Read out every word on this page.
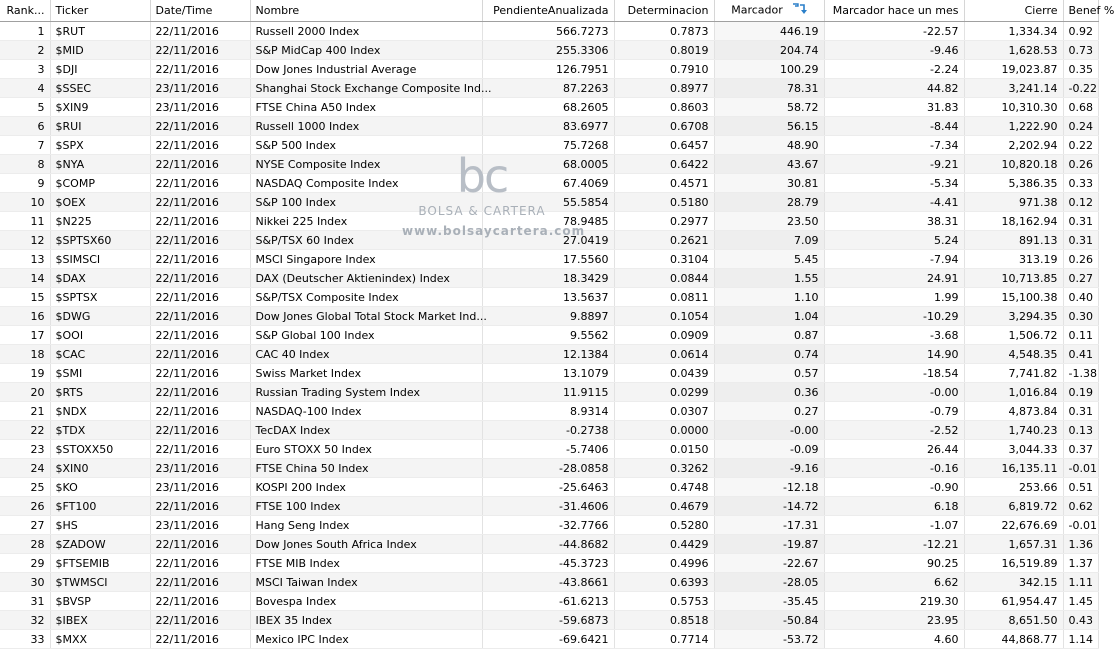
Rank...	Ticker	Date/Time	Nombre	PendienteAnualizada	Determinacion	Marcador	Marcador hace un mes	Cierre	Benef %
1	$RUT	22/11/2016	Russell 2000 Index	566.7273	0.7873	446.19	-22.57	1,334.34	0.92
2	$MID	22/11/2016	S&P MidCap 400 Index	255.3306	0.8019	204.74	-9.46	1,628.53	0.73
3	$DJI	22/11/2016	Dow Jones Industrial Average	126.7951	0.7910	100.29	-2.24	19,023.87	0.35
4	$SSEC	23/11/2016	Shanghai Stock Exchange Composite Ind...	87.2263	0.8977	78.31	44.82	3,241.14	-0.22
5	$XIN9	23/11/2016	FTSE China A50 Index	68.2605	0.8603	58.72	31.83	10,310.30	0.68
6	$RUI	22/11/2016	Russell 1000 Index	83.6977	0.6708	56.15	-8.44	1,222.90	0.24
7	$SPX	22/11/2016	S&P 500 Index	75.7268	0.6457	48.90	-7.34	2,202.94	0.22
8	$NYA	22/11/2016	NYSE Composite Index	68.0005	0.6422	43.67	-9.21	10,820.18	0.26
9	$COMP	22/11/2016	NASDAQ Composite Index	67.4069	0.4571	30.81	-5.34	5,386.35	0.33
10	$OEX	22/11/2016	S&P 100 Index	55.5854	0.5180	28.79	-4.41	971.38	0.12
11	$N225	22/11/2016	Nikkei 225 Index	78.9485	0.2977	23.50	38.31	18,162.94	0.31
12	$SPTSX60	22/11/2016	S&P/TSX 60 Index	27.0419	0.2621	7.09	5.24	891.13	0.31
13	$SIMSCI	22/11/2016	MSCI Singapore Index	17.5560	0.3104	5.45	-7.94	313.19	0.26
14	$DAX	22/11/2016	DAX (Deutscher Aktienindex) Index	18.3429	0.0844	1.55	24.91	10,713.85	0.27
15	$SPTSX	22/11/2016	S&P/TSX Composite Index	13.5637	0.0811	1.10	1.99	15,100.38	0.40
16	$DWG	22/11/2016	Dow Jones Global Total Stock Market Ind...	9.8897	0.1054	1.04	-10.29	3,294.35	0.30
17	$OOI	22/11/2016	S&P Global 100 Index	9.5562	0.0909	0.87	-3.68	1,506.72	0.11
18	$CAC	22/11/2016	CAC 40 Index	12.1384	0.0614	0.74	14.90	4,548.35	0.41
19	$SMI	22/11/2016	Swiss Market Index	13.1079	0.0439	0.57	-18.54	7,741.82	-1.38
20	$RTS	22/11/2016	Russian Trading System Index	11.9115	0.0299	0.36	-0.00	1,016.84	0.19
21	$NDX	22/11/2016	NASDAQ-100 Index	8.9314	0.0307	0.27	-0.79	4,873.84	0.31
22	$TDX	22/11/2016	TecDAX Index	-0.2738	0.0000	-0.00	-2.52	1,740.23	0.13
23	$STOXX50	22/11/2016	Euro STOXX 50 Index	-5.7406	0.0150	-0.09	26.44	3,044.33	0.37
24	$XIN0	23/11/2016	FTSE China 50 Index	-28.0858	0.3262	-9.16	-0.16	16,135.11	-0.01
25	$KO	23/11/2016	KOSPI 200 Index	-25.6463	0.4748	-12.18	-0.90	253.66	0.51
26	$FT100	22/11/2016	FTSE 100 Index	-31.4606	0.4679	-14.72	6.18	6,819.72	0.62
27	$HS	23/11/2016	Hang Seng Index	-32.7766	0.5280	-17.31	-1.07	22,676.69	-0.01
28	$ZADOW	22/11/2016	Dow Jones South Africa Index	-44.8682	0.4429	-19.87	-12.21	1,657.31	1.36
29	$FTSEMIB	22/11/2016	FTSE MIB Index	-45.3723	0.4996	-22.67	90.25	16,519.89	1.37
30	$TWMSCI	22/11/2016	MSCI Taiwan Index	-43.8661	0.6393	-28.05	6.62	342.15	1.11
31	$BVSP	22/11/2016	Bovespa Index	-61.6213	0.5753	-35.45	219.30	61,954.47	1.45
32	$IBEX	22/11/2016	IBEX 35 Index	-59.6873	0.8518	-50.84	23.95	8,651.50	0.43
33	$MXX	22/11/2016	Mexico IPC Index	-69.6421	0.7714	-53.72	4.60	44,868.77	1.14
bc
BOLSA & CARTERA
www.bolsaycartera.com
